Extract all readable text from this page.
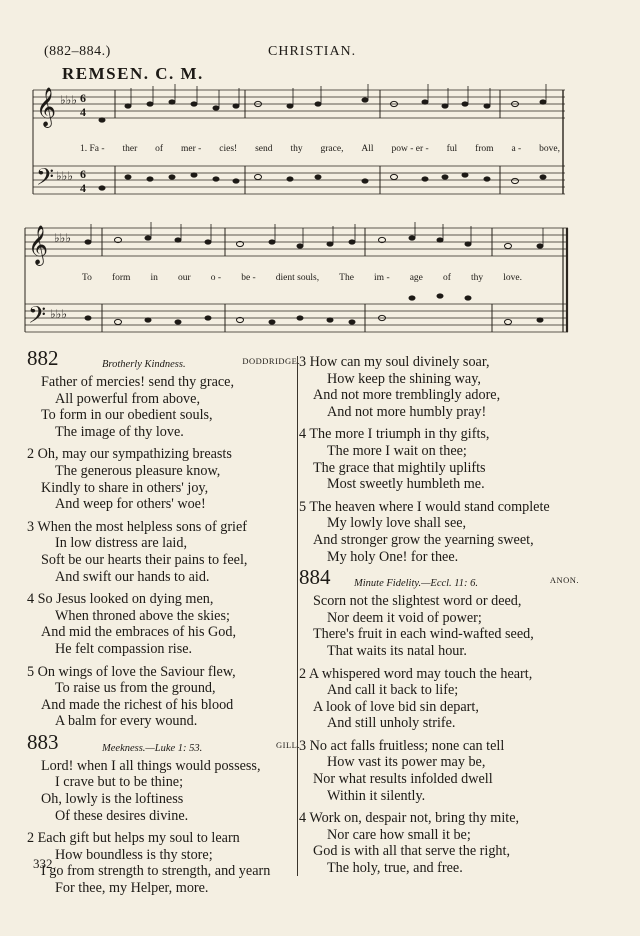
(882–884.)	CHRISTIAN.
REMSEN. C. M.
𝄞
𝄢
♭♭♭
♭♭♭
6
4
6
4
1. Fa - ther of mer - cies! send thy grace, All pow - er - ful from a - bove,
𝄞
𝄢
♭♭♭
♭♭♭
To form in our o - be - dient souls, The im - age of thy love.
882	Brotherly Kindness.	DODDRIDGE.
Father of mercies! send thy grace,
All powerful from above,
To form in our obedient souls,
The image of thy love.
2 Oh, may our sympathizing breasts
The generous pleasure know,
Kindly to share in others' joy,
And weep for others' woe!
3 When the most helpless sons of grief
In low distress are laid,
Soft be our hearts their pains to feel,
And swift our hands to aid.
4 So Jesus looked on dying men,
When throned above the skies;
And mid the embraces of his God,
He felt compassion rise.
5 On wings of love the Saviour flew,
To raise us from the ground,
And made the richest of his blood
A balm for every wound.
883	Meekness.—Luke 1: 53.	GILL.
Lord! when I all things would possess,
I crave but to be thine;
Oh, lowly is the loftiness
Of these desires divine.
2 Each gift but helps my soul to learn
How boundless is thy store;
I go from strength to strength, and yearn
For thee, my Helper, more.
3 How can my soul divinely soar,
How keep the shining way,
And not more tremblingly adore,
And not more humbly pray!
4 The more I triumph in thy gifts,
The more I wait on thee;
The grace that mightily uplifts
Most sweetly humbleth me.
5 The heaven where I would stand complete
My lowly love shall see,
And stronger grow the yearning sweet,
My holy One! for thee.
884 Minute Fidelity.—Eccl. 11: 6.	ANON.
Scorn not the slightest word or deed,
Nor deem it void of power;
There's fruit in each wind-wafted seed,
That waits its natal hour.
2 A whispered word may touch the heart,
And call it back to life;
A look of love bid sin depart,
And still unholy strife.
3 No act falls fruitless; none can tell
How vast its power may be,
Nor what results infolded dwell
Within it silently.
4 Work on, despair not, bring thy mite,
Nor care how small it be;
God is with all that serve the right,
The holy, true, and free.
332
